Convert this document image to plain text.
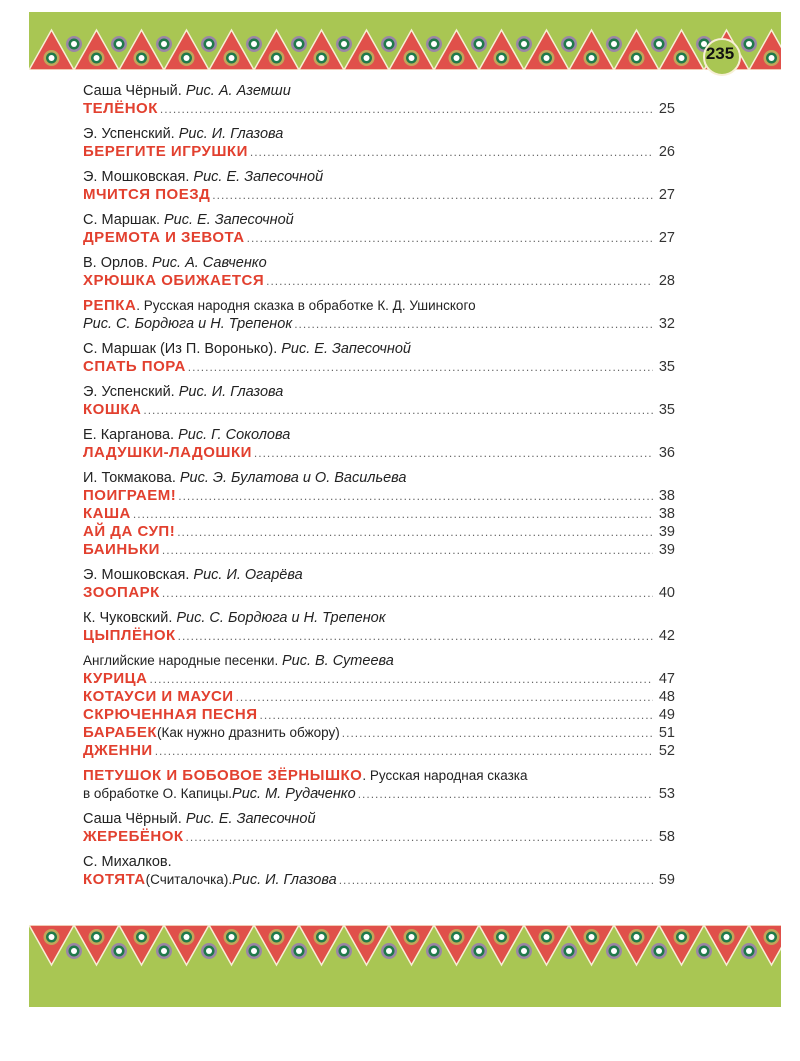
235
Саша Чёрный. Рис. А. Аземши
ТЕЛЁНОК .....	25
Э. Успенский. Рис. И. Глазова
БЕРЕГИТЕ ИГРУШКИ .....	26
Э. Мошковская. Рис. Е. Запесочной
МЧИТСЯ ПОЕЗД .....	27
С. Маршак. Рис. Е. Запесочной
ДРЕМОТА И ЗЕВОТА .....	27
В. Орлов. Рис. А. Савченко
ХРЮШКА ОБИЖАЕТСЯ .....	28
РЕПКА. Русская народня сказка в обработке К. Д. Ушинского
Рис. С. Бордюга и Н. Трепенок .....	32
С. Маршак (Из П. Воронько). Рис. Е. Запесочной
СПАТЬ ПОРА .....	35
Э. Успенский. Рис. И. Глазова
КОШКА .....	35
Е. Карганова. Рис. Г. Соколова
ЛАДУШКИ-ЛАДОШКИ .....	36
И. Токмакова. Рис. Э. Булатова и О. Васильева
ПОИГРАЕМ! .....	38
КАША .....	38
АЙ ДА СУП! .....	39
БАИНЬКИ .....	39
Э. Мошковская. Рис. И. Огарёва
ЗООПАРК .....	40
К. Чуковский. Рис. С. Бордюга и Н. Трепенок
ЦЫПЛЁНОК .....	42
Английские народные песенки. Рис. В. Сутеева
КУРИЦА .....	47
КОТАУСИ И МАУСИ .....	48
СКРЮЧЕННАЯ ПЕСНЯ .....	49
БАРАБЕК (Как нужно дразнить обжору) .....	51
ДЖЕННИ .....	52
ПЕТУШОК И БОБОВОЕ ЗЁРНЫШКО. Русская народная сказка
в обработке О. Капицы. Рис. М. Рудаченко .....	53
Саша Чёрный. Рис. Е. Запесочной
ЖЕРЕБЁНОК .....	58
С. Михалков.
КОТЯТА (Считалочка). Рис. И. Глазова .....	59
